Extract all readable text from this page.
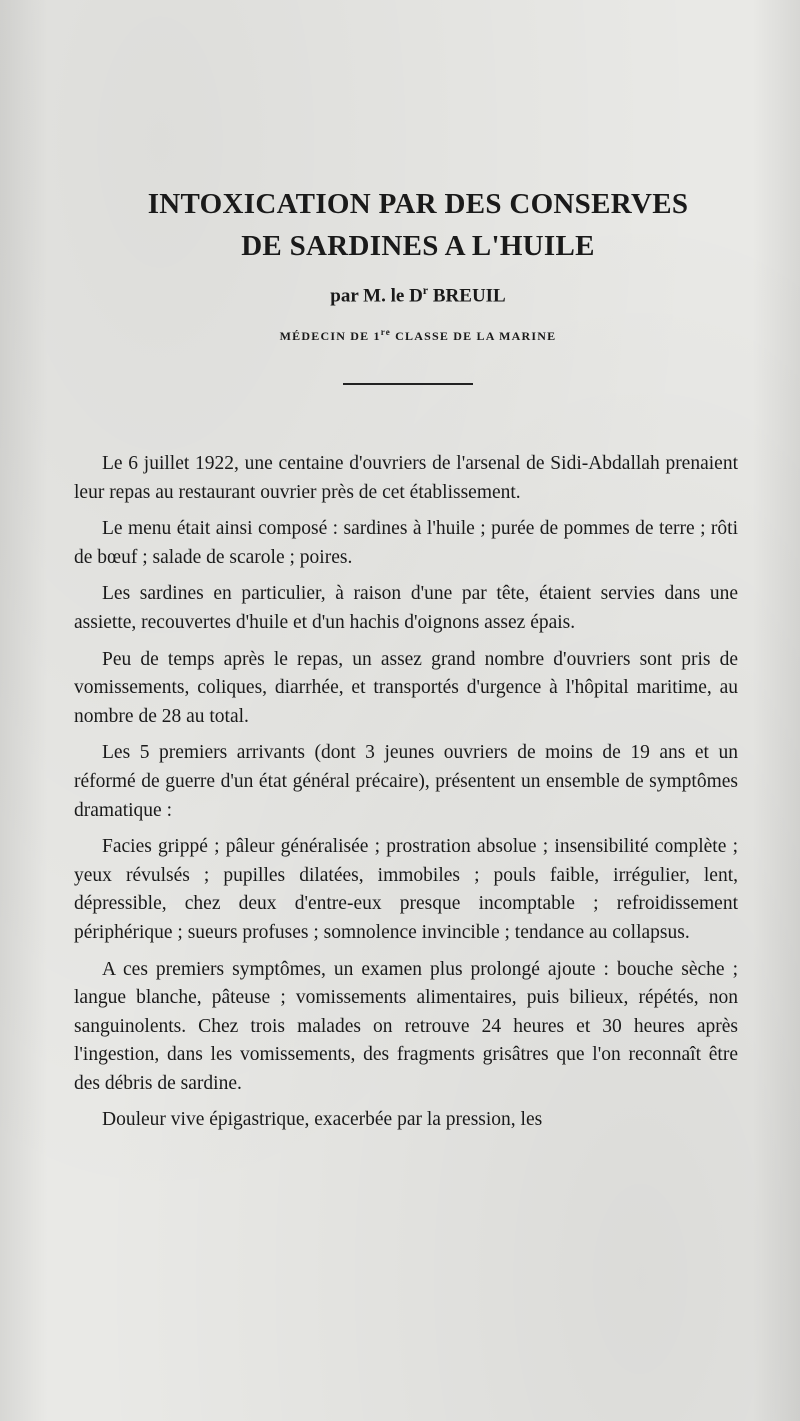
INTOXICATION PAR DES CONSERVES
DE SARDINES A L'HUILE
par M. le $D^r$ BREUIL
MÉDECIN DE 1re CLASSE DE LA MARINE

Le 6 juillet 1922, une centaine d'ouvriers de l'arsenal de Sidi-Abdallah prenaient leur repas au restaurant ouvrier près de cet établissement.

Le menu était ainsi composé : sardines à l'huile ; purée de pommes de terre ; rôti de bœuf ; salade de scarole ; poires.

Les sardines en particulier, à raison d'une par tête, étaient servies dans une assiette, recouvertes d'huile et d'un hachis d'oignons assez épais.

Peu de temps après le repas, un assez grand nombre d'ouvriers sont pris de vomissements, coliques, diarrhée, et transportés d'urgence à l'hôpital maritime, au nombre de 28 au total.

Les 5 premiers arrivants (dont 3 jeunes ouvriers de moins de 19 ans et un réformé de guerre d'un état général précaire), présentent un ensemble de symptômes dramatique :

Facies grippé ; pâleur généralisée ; prostration absolue ; insensibilité complète ; yeux révulsés ; pupilles dilatées, immobiles ; pouls faible, irrégulier, lent, dépressible, chez deux d'entre-eux presque incomptable ; refroidissement périphérique ; sueurs profuses ; somnolence invincible ; tendance au collapsus.

A ces premiers symptômes, un examen plus prolongé ajoute : bouche sèche ; langue blanche, pâteuse ; vomissements alimentaires, puis bilieux, répétés, non sanguinolents. Chez trois malades on retrouve 24 heures et 30 heures après l'ingestion, dans les vomissements, des fragments grisâtres que l'on reconnaît être des débris de sardine.

Douleur vive épigastrique, exacerbée par la pression, les
